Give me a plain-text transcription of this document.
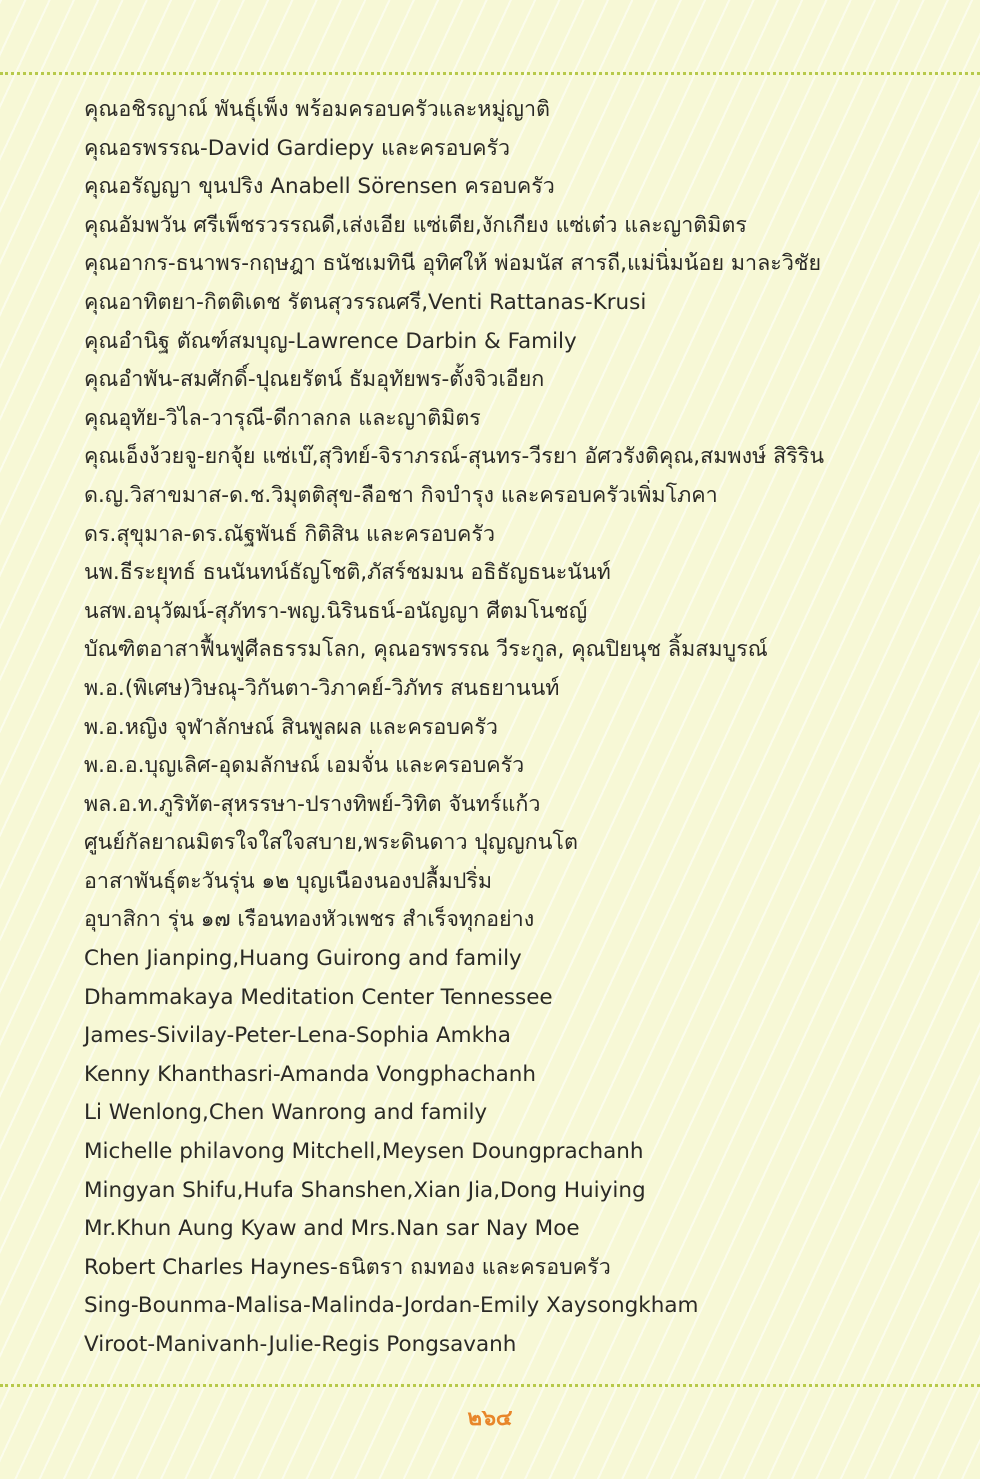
คุณอชิรญาณ์ พันธุ์เพ็ง พร้อมครอบครัวและหมู่ญาติ
คุณอรพรรณ-David Gardiepy และครอบครัว
คุณอรัญญา ขุนปริง Anabell Sörensen ครอบครัว
คุณอัมพวัน ศรีเพ็ชรวรรณดี,เส่งเอีย แซ่เตีย,งักเกียง แซ่เต๋ว และญาติมิตร
คุณอากร-ธนาพร-กฤษฎา ธนัชเมทินี อุทิศให้ พ่อมนัส สารถี,แม่นิ่มน้อย มาละวิชัย
คุณอาทิตยา-กิตติเดช รัตนสุวรรณศรี,Venti Rattanas-Krusi
คุณอำนิฐ ตัณฑ์สมบุญ-Lawrence Darbin & Family
คุณอำพัน-สมศักดิ์-ปุณยรัตน์ ธัมอุทัยพร-ตั้งจิวเอียก
คุณอุทัย-วิไล-วารุณี-ดีกาลกล และญาติมิตร
คุณเอ็งง้วยจู-ยกจุ้ย แซ่เบ๊,สุวิทย์-จิราภรณ์-สุนทร-วีรยา อัศวรังติคุณ,สมพงษ์ สิริริน
ด.ญ.วิสาขมาส-ด.ช.วิมุตติสุข-ลือชา กิจบำรุง และครอบครัวเพิ่มโภคา
ดร.สุขุมาล-ดร.ณัฐพันธ์ กิติสิน และครอบครัว
นพ.ธีระยุทธ์ ธนนันทน์ธัญโชติ,ภัสร์ชมมน อธิธัญธนะนันท์
นสพ.อนุวัฒน์-สุภัทรา-พญ.นิรินธน์-อนัญญา ศีตมโนชญ์
บัณฑิตอาสาฟื้นฟูศีลธรรมโลก, คุณอรพรรณ วีระกูล, คุณปิยนุช ลิ้มสมบูรณ์
พ.อ.(พิเศษ)วิษณุ-วิกันตา-วิภาคย์-วิภัทร สนธยานนท์
พ.อ.หญิง จุฬาลักษณ์ สินพูลผล และครอบครัว
พ.อ.อ.บุญเลิศ-อุดมลักษณ์ เอมจั่น และครอบครัว
พล.อ.ท.ภูริทัต-สุหรรษา-ปรางทิพย์-วิทิต จันทร์แก้ว
ศูนย์กัลยาณมิตรใจใสใจสบาย,พระดินดาว ปุญญกนโต
อาสาพันธุ์ตะวันรุ่น ๑๒ บุญเนืองนองปลื้มปริ่ม
อุบาสิกา รุ่น ๑๗ เรือนทองหัวเพชร สำเร็จทุกอย่าง
Chen Jianping,Huang Guirong and family
Dhammakaya Meditation Center Tennessee
James-Sivilay-Peter-Lena-Sophia Amkha
Kenny Khanthasri-Amanda Vongphachanh
Li Wenlong,Chen Wanrong and family
Michelle philavong Mitchell,Meysen Doungprachanh
Mingyan Shifu,Hufa Shanshen,Xian Jia,Dong Huiying
Mr.Khun Aung Kyaw and Mrs.Nan sar Nay Moe
Robert Charles Haynes-ธนิตรา ถมทอง และครอบครัว
Sing-Bounma-Malisa-Malinda-Jordan-Emily Xaysongkham
Viroot-Manivanh-Julie-Regis Pongsavanh
๒๖๔
